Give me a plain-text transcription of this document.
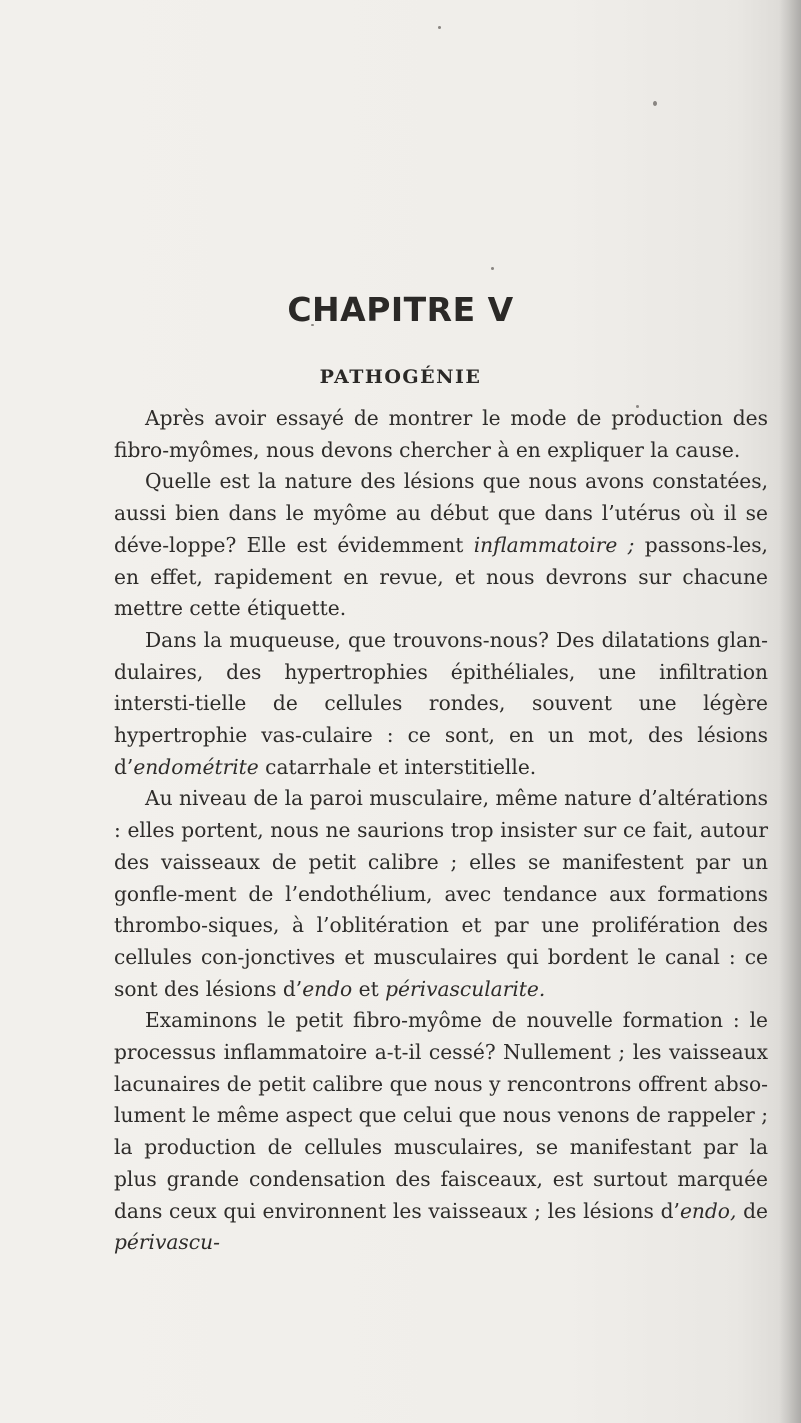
CHAPITRE V
PATHOGÉNIE

Après avoir essayé de montrer le mode de production des fibro-myômes, nous devons chercher à en expliquer la cause.

Quelle est la nature des lésions que nous avons constatées, aussi bien dans le myôme au début que dans l’utérus où il se déve-loppe? Elle est évidemment inflammatoire ; passons-les, en effet, rapidement en revue, et nous devrons sur chacune mettre cette étiquette.

Dans la muqueuse, que trouvons-nous? Des dilatations glan-dulaires, des hypertrophies épithéliales, une infiltration intersti-tielle de cellules rondes, souvent une légère hypertrophie vas-culaire : ce sont, en un mot, des lésions d’endométrite catarrhale et interstitielle.

Au niveau de la paroi musculaire, même nature d’altérations : elles portent, nous ne saurions trop insister sur ce fait, autour des vaisseaux de petit calibre ; elles se manifestent par un gonfle-ment de l’endothélium, avec tendance aux formations thrombo-siques, à l’oblitération et par une prolifération des cellules con-jonctives et musculaires qui bordent le canal : ce sont des lésions d’endo et périvascularite.

Examinons le petit fibro-myôme de nouvelle formation : le processus inflammatoire a-t-il cessé? Nullement ; les vaisseaux lacunaires de petit calibre que nous y rencontrons offrent abso-lument le même aspect que celui que nous venons de rappeler ; la production de cellules musculaires, se manifestant par la plus grande condensation des faisceaux, est surtout marquée dans ceux qui environnent les vaisseaux ; les lésions d’endo, de périvascu-
